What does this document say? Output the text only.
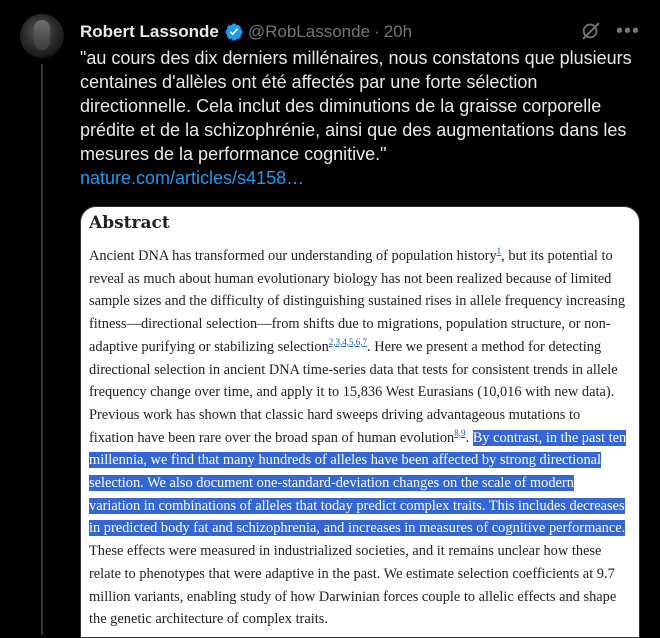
Robert Lassonde @RobLassonde · 20h	•••

"au cours des dix derniers millénaires, nous constatons que plusieurs centaines d'allèles ont été affectés par une forte sélection directionnelle. Cela inclut des diminutions de la graisse corporelle prédite et de la schizophrénie, ainsi que des augmentations dans les mesures de la performance cognitive."
nature.com/articles/s4158…

Abstract

Ancient DNA has transformed our understanding of population history$^1$, but its potential to reveal as much about human evolutionary biology has not been realized because of limited sample sizes and the difficulty of distinguishing sustained rises in allele frequency increasing fitness—directional selection—from shifts due to migrations, population structure, or non-adaptive purifying or stabilizing selection$^{2,3,4,5,6,7}$. Here we present a method for detecting directional selection in ancient DNA time-series data that tests for consistent trends in allele frequency change over time, and apply it to 15,836 West Eurasians (10,016 with new data). Previous work has shown that classic hard sweeps driving advantageous mutations to fixation have been rare over the broad span of human evolution$^{8,9}$. By contrast, in the past ten millennia, we find that many hundreds of alleles have been affected by strong directional selection. We also document one-standard-deviation changes on the scale of modern variation in combinations of alleles that today predict complex traits. This includes decreases in predicted body fat and schizophrenia, and increases in measures of cognitive performance. These effects were measured in industrialized societies, and it remains unclear how these relate to phenotypes that were adaptive in the past. We estimate selection coefficients at 9.7 million variants, enabling study of how Darwinian forces couple to allelic effects and shape the genetic architecture of complex traits.
